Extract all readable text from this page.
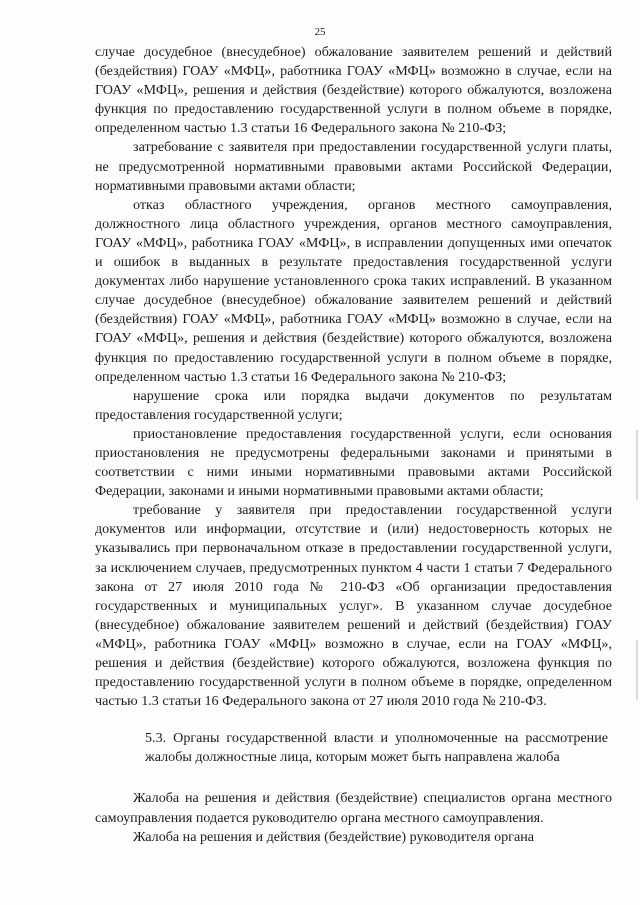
25

случае досудебное (внесудебное) обжалование заявителем решений и действий (бездействия) ГОАУ «МФЦ», работника ГОАУ «МФЦ» возможно в случае, если на ГОАУ «МФЦ», решения и действия (бездействие) которого обжалуются, возложена функция по предоставлению государственной услуги в полном объеме в порядке, определенном частью 1.3 статьи 16 Федерального закона № 210-ФЗ;

затребование с заявителя при предоставлении государственной услуги платы, не предусмотренной нормативными правовыми актами Российской Федерации, нормативными правовыми актами области;

отказ областного учреждения, органов местного самоуправления, должностного лица областного учреждения, органов местного самоуправления, ГОАУ «МФЦ», работника ГОАУ «МФЦ», в исправлении допущенных ими опечаток и ошибок в выданных в результате предоставления государственной услуги документах либо нарушение установленного срока таких исправлений. В указанном случае досудебное (внесудебное) обжалование заявителем решений и действий (бездействия) ГОАУ «МФЦ», работника ГОАУ «МФЦ» возможно в случае, если на ГОАУ «МФЦ», решения и действия (бездействие) которого обжалуются, возложена функция по предоставлению государственной услуги в полном объеме в порядке, определенном частью 1.3 статьи 16 Федерального закона № 210-ФЗ;

нарушение срока или порядка выдачи документов по результатам предоставления государственной услуги;

приостановление предоставления государственной услуги, если основания приостановления не предусмотрены федеральными законами и принятыми в соответствии с ними иными нормативными правовыми актами Российской Федерации, законами и иными нормативными правовыми актами области;

требование у заявителя при предоставлении государственной услуги документов или информации, отсутствие и (или) недостоверность которых не указывались при первоначальном отказе в предоставлении государственной услуги, за исключением случаев, предусмотренных пунктом 4 части 1 статьи 7 Федерального закона от 27 июля 2010 года № 210-ФЗ «Об организации предоставления государственных и муниципальных услуг». В указанном случае досудебное (внесудебное) обжалование заявителем решений и действий (бездействия) ГОАУ «МФЦ», работника ГОАУ «МФЦ» возможно в случае, если на ГОАУ «МФЦ», решения и действия (бездействие) которого обжалуются, возложена функция по предоставлению государственной услуги в полном объеме в порядке, определенном частью 1.3 статьи 16 Федерального закона от 27 июля 2010 года № 210-ФЗ.

5.3. Органы государственной власти и уполномоченные на рассмотрение жалобы должностные лица, которым может быть направлена жалоба

Жалоба на решения и действия (бездействие) специалистов органа местного самоуправления подается руководителю органа местного самоуправления.

Жалоба на решения и действия (бездействие) руководителя органа
